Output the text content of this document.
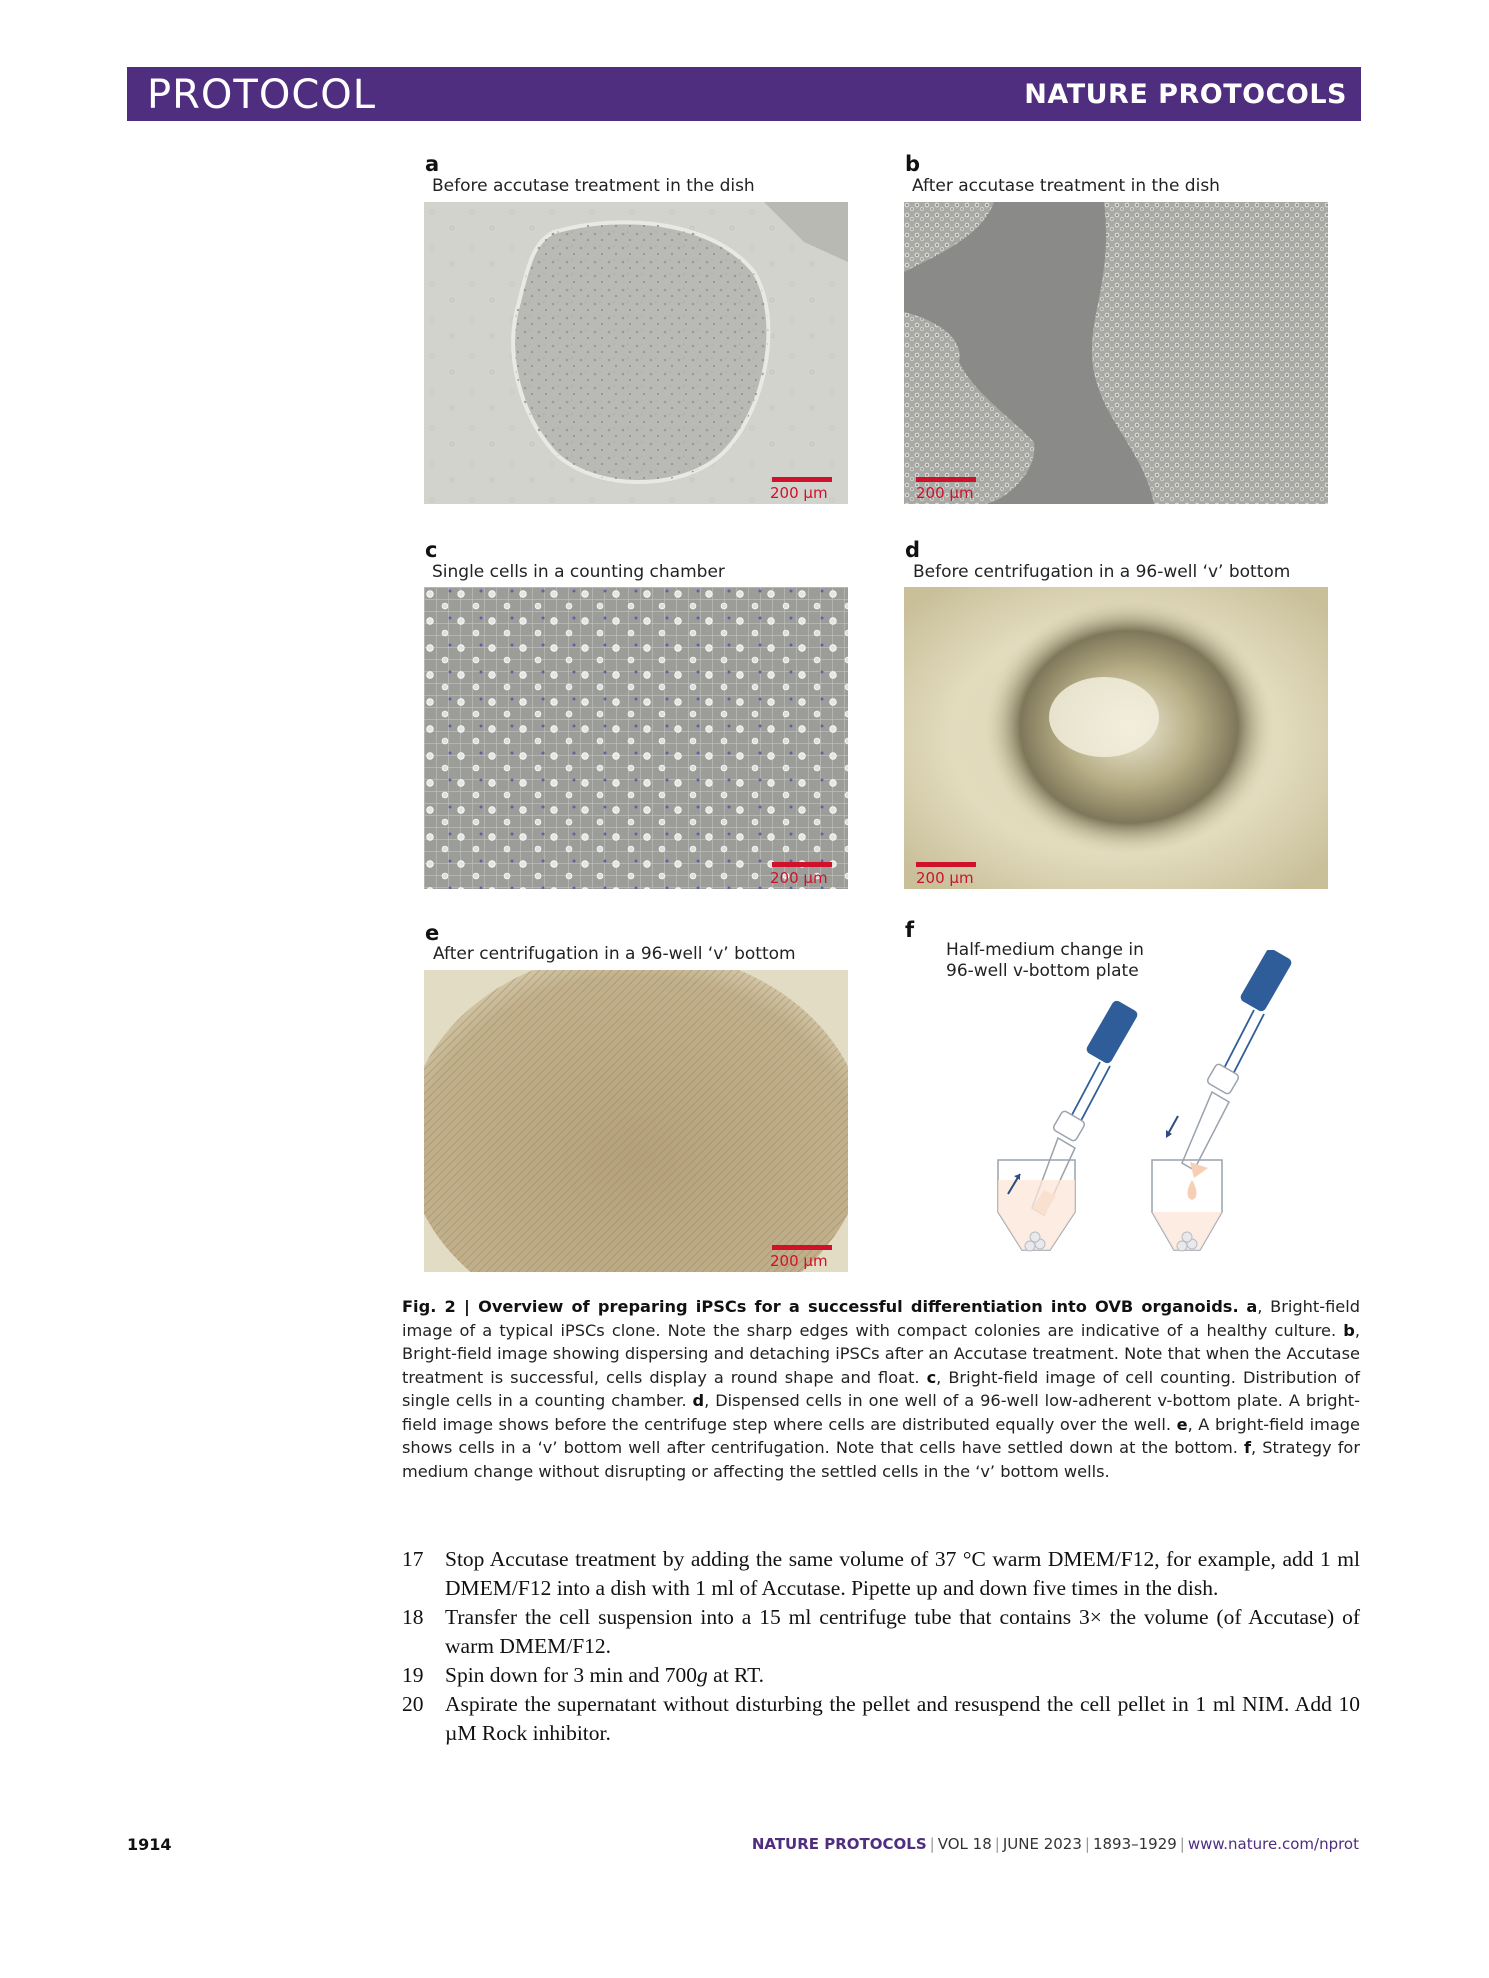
PROTOCOL	NATURE PROTOCOLS
a
Before accutase treatment in the dish
200 µm
b
After accutase treatment in the dish
200 µm
c
Single cells in a counting chamber
200 µm
d
Before centrifugation in a 96-well ‘v’ bottom
200 µm
e
After centrifugation in a 96-well ‘v’ bottom
200 µm
f
Half-medium change in
96-well v-bottom plate
Fig. 2 | Overview of preparing iPSCs for a successful differentiation into OVB organoids. a, Bright-field image of a typical iPSCs clone. Note the sharp edges with compact colonies are indicative of a healthy culture. b, Bright-field image showing dispersing and detaching iPSCs after an Accutase treatment. Note that when the Accutase treatment is successful, cells display a round shape and float. c, Bright-field image of cell counting. Distribution of single cells in a counting chamber. d, Dispensed cells in one well of a 96-well low-adherent v-bottom plate. A bright-field image shows before the centrifuge step where cells are distributed equally over the well. e, A bright-field image shows cells in a ‘v’ bottom well after centrifugation. Note that cells have settled down at the bottom. f, Strategy for medium change without disrupting or affecting the settled cells in the ‘v’ bottom wells.
17 Stop Accutase treatment by adding the same volume of 37 °C warm DMEM/F12, for example, add 1 ml DMEM/F12 into a dish with 1 ml of Accutase. Pipette up and down five times in the dish.
18 Transfer the cell suspension into a 15 ml centrifuge tube that contains 3× the volume (of Accutase) of warm DMEM/F12.
19 Spin down for 3 min and 700g at RT.
20 Aspirate the supernatant without disturbing the pellet and resuspend the cell pellet in 1 ml NIM. Add 10 µM Rock inhibitor.
1914	NATURE PROTOCOLS | VOL 18 | JUNE 2023 | 1893–1929 | www.nature.com/nprot
